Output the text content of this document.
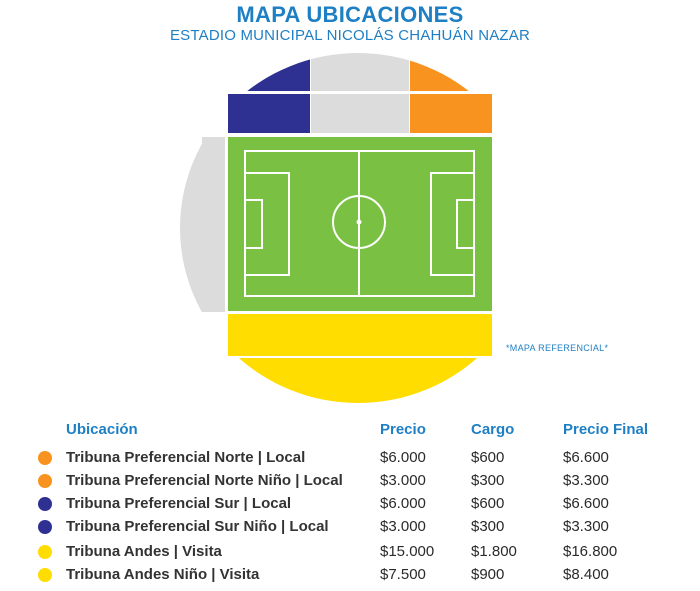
MAPA UBICACIONES
ESTADIO MUNICIPAL NICOLÁS CHAHUÁN NAZAR
*MAPA REFERENCIAL*
Ubicación	Precio	Cargo	Precio Final
Tribuna Preferencial Norte | Local	$6.000	$600	$6.600
Tribuna Preferencial Norte Niño | Local $3.000	$300	$3.300
Tribuna Preferencial Sur | Local	$6.000	$600	$6.600
Tribuna Preferencial Sur Niño | Local	$3.000	$300	$3.300
Tribuna Andes | Visita	$15.000 $1.800	$16.800
Tribuna Andes Niño | Visita	$7.500	$900	$8.400
